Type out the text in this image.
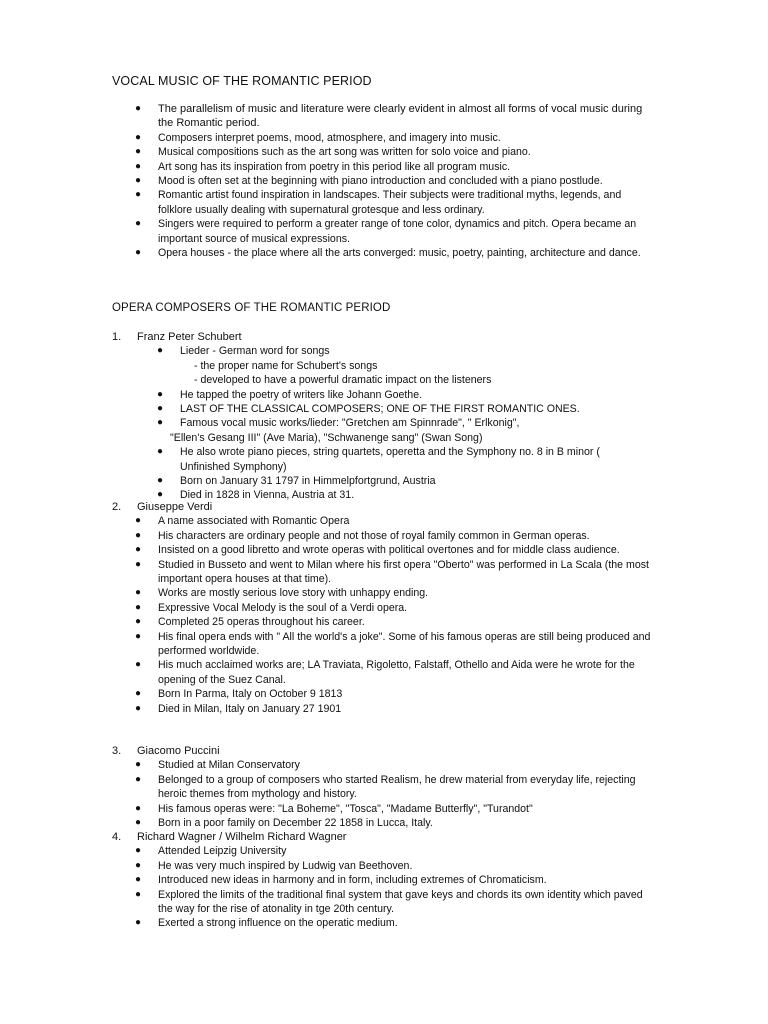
VOCAL MUSIC OF THE ROMANTIC PERIOD
● The parallelism of music and literature were clearly evident in almost all forms of vocal music during the Romantic period.
● Composers interpret poems, mood, atmosphere, and imagery into music.
● Musical compositions such as the art song was written for solo voice and piano.
● Art song has its inspiration from poetry in this period like all program music.
● Mood is often set at the beginning with piano introduction and concluded with a piano postlude.
● Romantic artist found inspiration in landscapes. Their subjects were traditional myths, legends, and folklore usually dealing with supernatural grotesque and less ordinary.
● Singers were required to perform a greater range of tone color, dynamics and pitch. Opera became an important source of musical expressions.
● Opera houses - the place where all the arts converged: music, poetry, painting, architecture and dance.
OPERA COMPOSERS OF THE ROMANTIC PERIOD
1. Franz Peter Schubert
● Lieder - German word for songs
- the proper name for Schubert's songs
- developed to have a powerful dramatic impact on the listeners
● He tapped the poetry of writers like Johann Goethe.
● LAST OF THE CLASSICAL COMPOSERS; ONE OF THE FIRST ROMANTIC ONES.
● Famous vocal music works/lieder: "Gretchen am Spinnrade", " Erlkonig",
"Ellen's Gesang III" (Ave Maria), "Schwanenge sang" (Swan Song)
● He also wrote piano pieces, string quartets, operetta and the Symphony no. 8 in B minor ( Unfinished Symphony)
● Born on January 31 1797 in Himmelpfortgrund, Austria
● Died in 1828 in Vienna, Austria at 31.
2. Giuseppe Verdi
● A name associated with Romantic Opera
● His characters are ordinary people and not those of royal family common in German operas.
● Insisted on a good libretto and wrote operas with political overtones and for middle class audience.
● Studied in Busseto and went to Milan where his first opera "Oberto" was performed in La Scala (the most important opera houses at that time).
● Works are mostly serious love story with unhappy ending.
● Expressive Vocal Melody is the soul of a Verdi opera.
● Completed 25 operas throughout his career.
● His final opera ends with " All the world's a joke". Some of his famous operas are still being produced and performed worldwide.
● His much acclaimed works are; LA Traviata, Rigoletto, Falstaff, Othello and Aida were he wrote for the opening of the Suez Canal.
● Born In Parma, Italy on October 9 1813
● Died in Milan, Italy on January 27 1901
3. Giacomo Puccini
● Studied at Milan Conservatory
● Belonged to a group of composers who started Realism, he drew material from everyday life, rejecting heroic themes from mythology and history.
● His famous operas were: "La Boheme", "Tosca", "Madame Butterfly", "Turandot"
● Born in a poor family on December 22 1858 in Lucca, Italy.
4. Richard Wagner / Wilhelm Richard Wagner
● Attended Leipzig University
● He was very much inspired by Ludwig van Beethoven.
● Introduced new ideas in harmony and in form, including extremes of Chromaticism.
● Explored the limits of the traditional final system that gave keys and chords its own identity which paved the way for the rise of atonality in tge 20th century.
● Exerted a strong influence on the operatic medium.
